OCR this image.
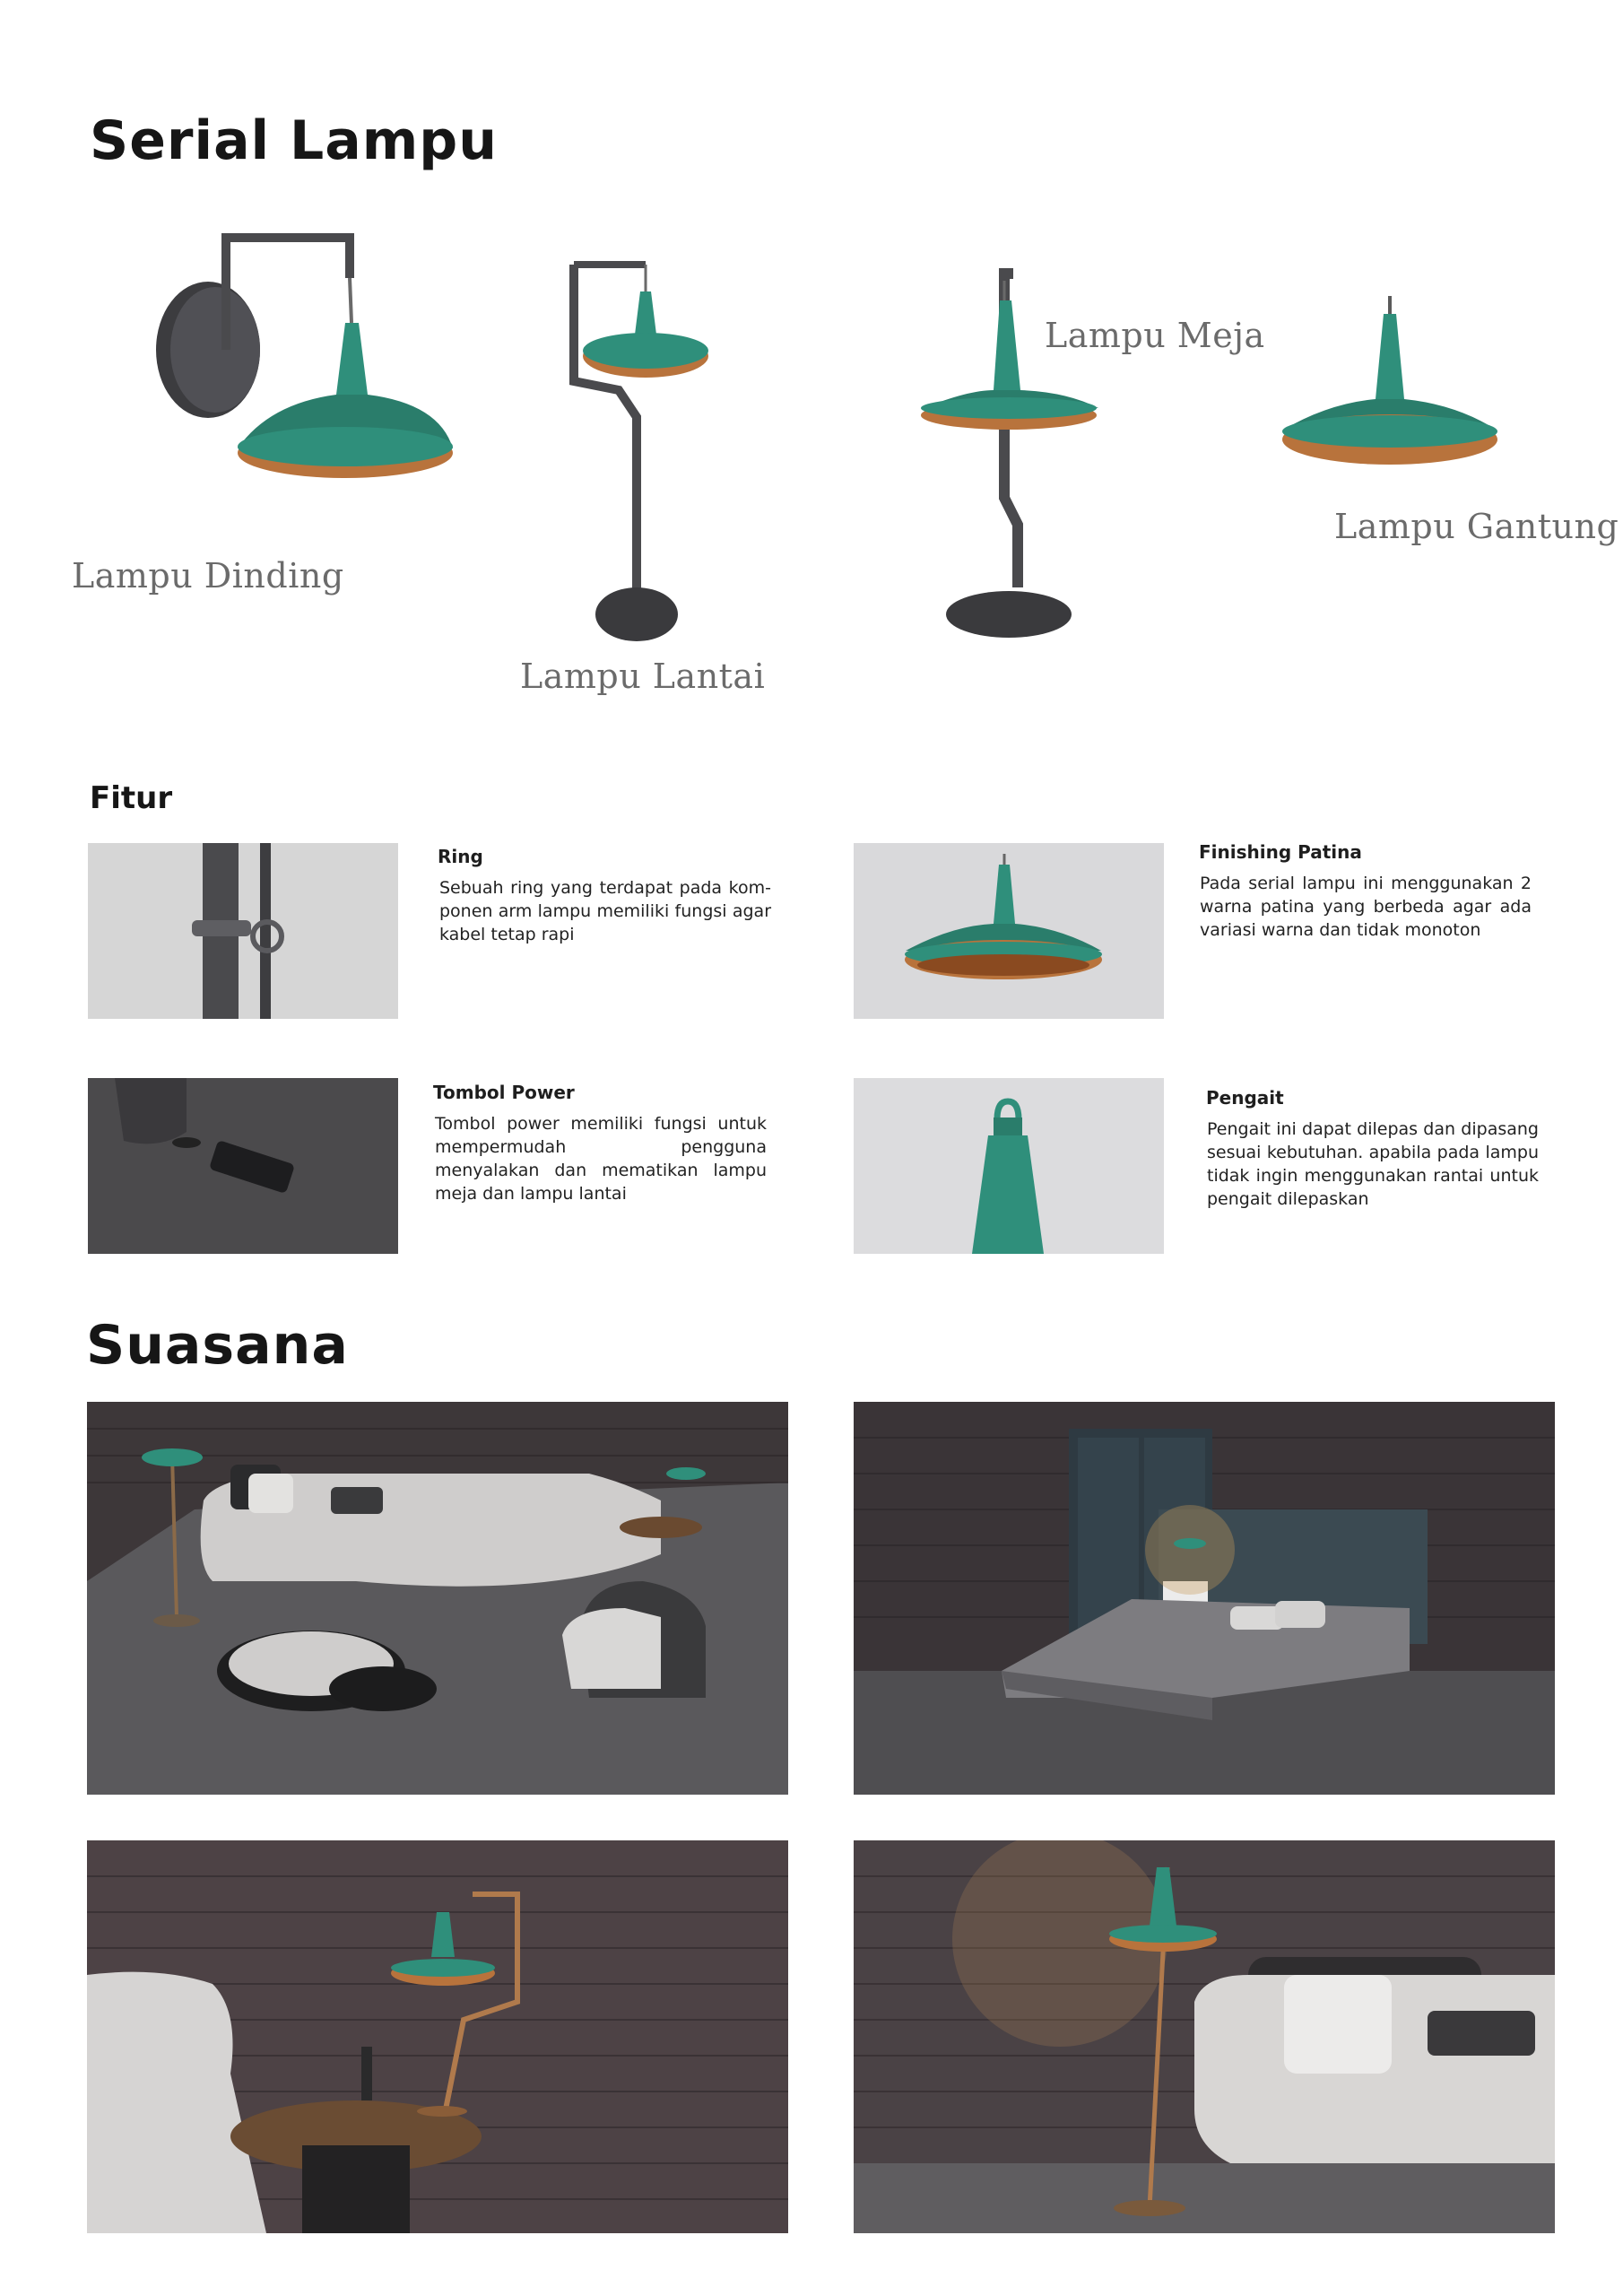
Serial Lampu
Lampu Dinding
Lampu Lantai
Lampu Meja
Lampu Gantung
Fitur
Ring
Sebuah ring yang terdapat pada kom-ponen arm lampu memiliki fungsi agar kabel tetap rapi
Finishing Patina
Pada serial lampu ini menggunakan 2 warna patina yang berbeda agar ada variasi warna dan tidak monoton
Tombol Power
Tombol power memiliki fungsi untuk mempermudah pengguna menyalakan dan mematikan lampu meja dan lampu lantai
Pengait
Pengait ini dapat dilepas dan dipasang sesuai kebutuhan. apabila pada lampu tidak ingin menggunakan rantai untuk pengait dilepaskan
Suasana
